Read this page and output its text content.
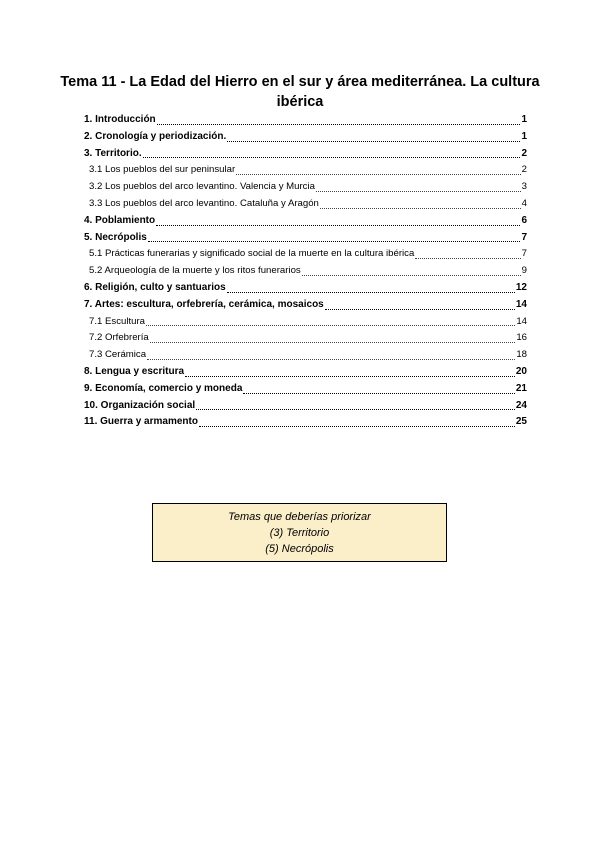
Tema 11 - La Edad del Hierro en el sur y área mediterránea. La cultura ibérica
1. Introducción	1
2. Cronología y periodización.	1
3. Territorio.	2
3.1 Los pueblos del sur peninsular	2
3.2 Los pueblos del arco levantino. Valencia y Murcia	3
3.3 Los pueblos del arco levantino. Cataluña y Aragón	4
4. Poblamiento	6
5. Necrópolis	7
5.1 Prácticas funerarias y significado social de la muerte en la cultura ibérica	7
5.2 Arqueología de la muerte y los ritos funerarios	9
6. Religión, culto y santuarios	12
7. Artes: escultura, orfebrería, cerámica, mosaicos	14
7.1 Escultura	14
7.2 Orfebrería	16
7.3 Cerámica	18
8. Lengua y escritura	20
9. Economía, comercio y moneda	21
10. Organización social	24
11. Guerra y armamento	25
Temas que deberías priorizar
(3) Territorio
(5) Necrópolis
